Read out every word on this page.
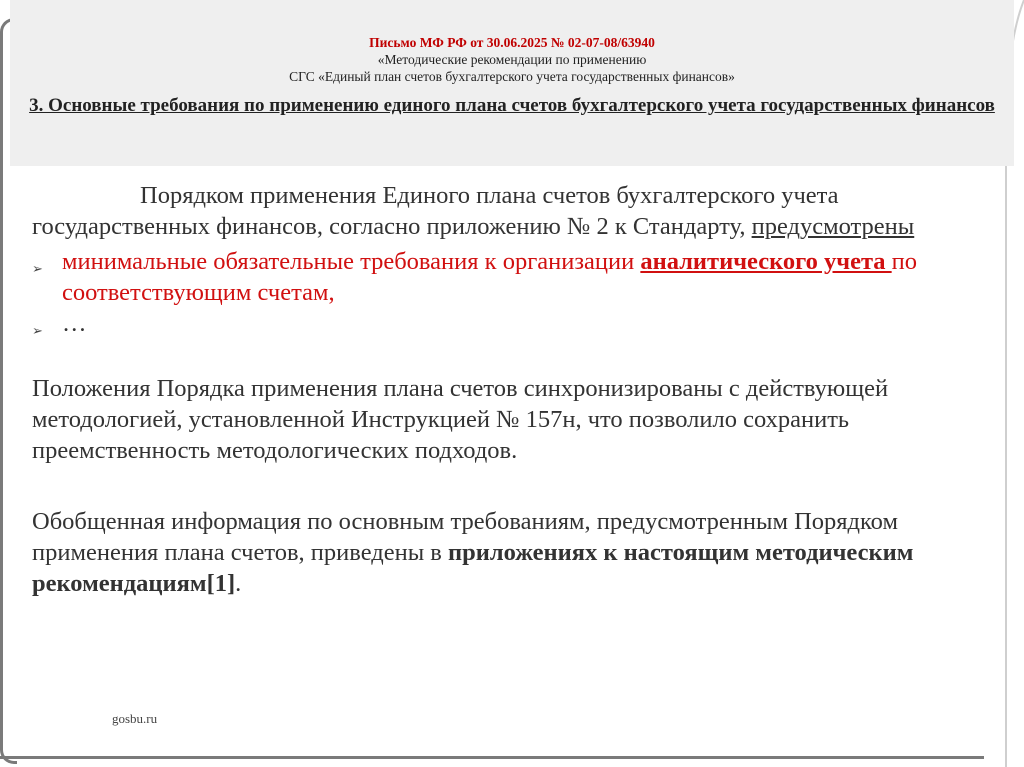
Письмо МФ РФ от 30.06.2025 № 02-07-08/63940
«Методические рекомендации по применению
СГС «Единый план счетов бухгалтерского учета государственных финансов»
3. Основные требования по применению единого плана счетов бухгалтерского учета государственных финансов

Порядком применения Единого плана счетов бухгалтерского учета государственных финансов, согласно приложению № 2 к Стандарту, предусмотрены

➢ минимальные обязательные требования к организации аналитического учета по соответствующим счетам,
➢ …

Положения Порядка применения плана счетов синхронизированы с действующей методологией, установленной Инструкцией № 157н, что позволило сохранить преемственность методологических подходов.

Обобщенная информация по основным требованиям, предусмотренным Порядком применения плана счетов, приведены в приложениях к настоящим методическим рекомендациям[1].

gosbu.ru
